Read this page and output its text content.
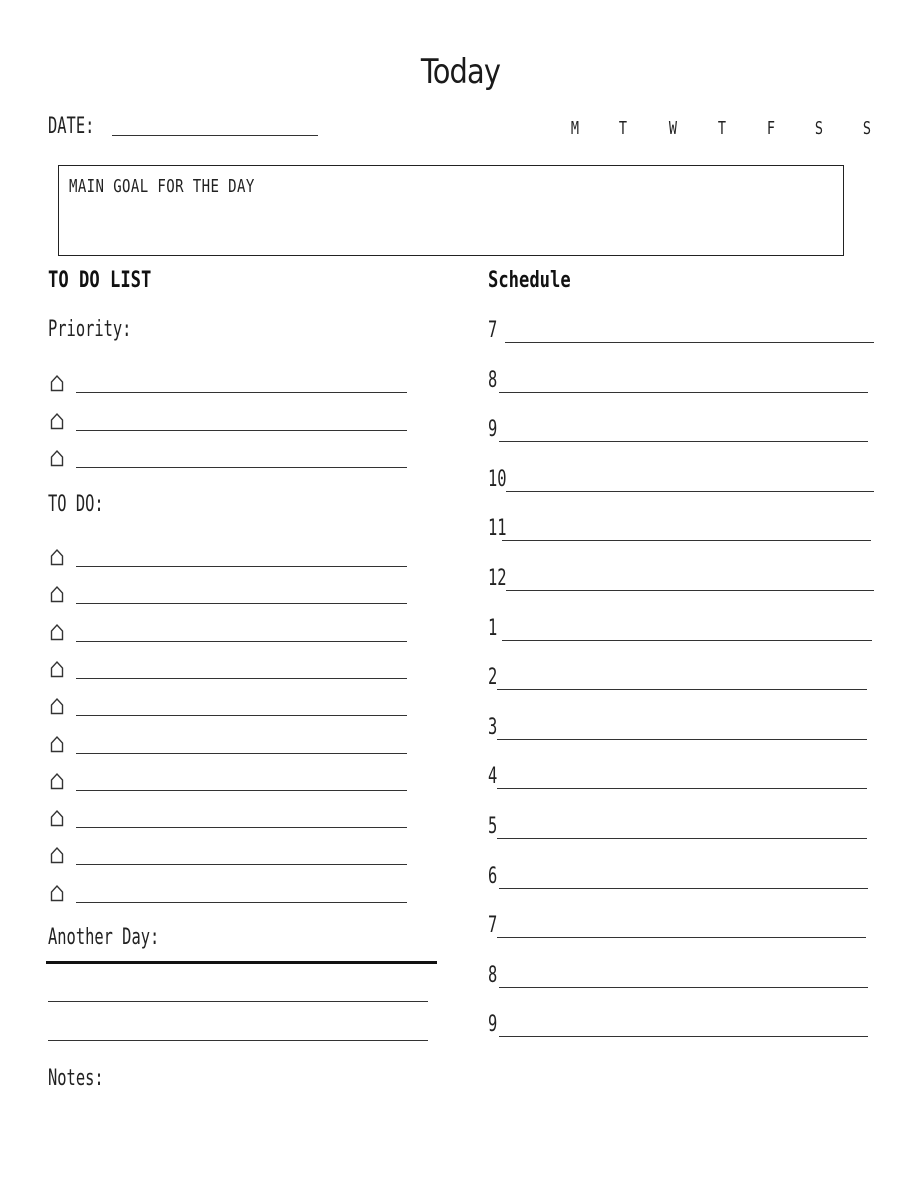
Today
DATE:	M T W T F S S
MAIN GOAL FOR THE DAY
TO DO LIST
Priority:
TO DO:
Another Day:
Notes:
Schedule
7
8
9
10
11
12
1
2
3
4
5
6
7
8
9
